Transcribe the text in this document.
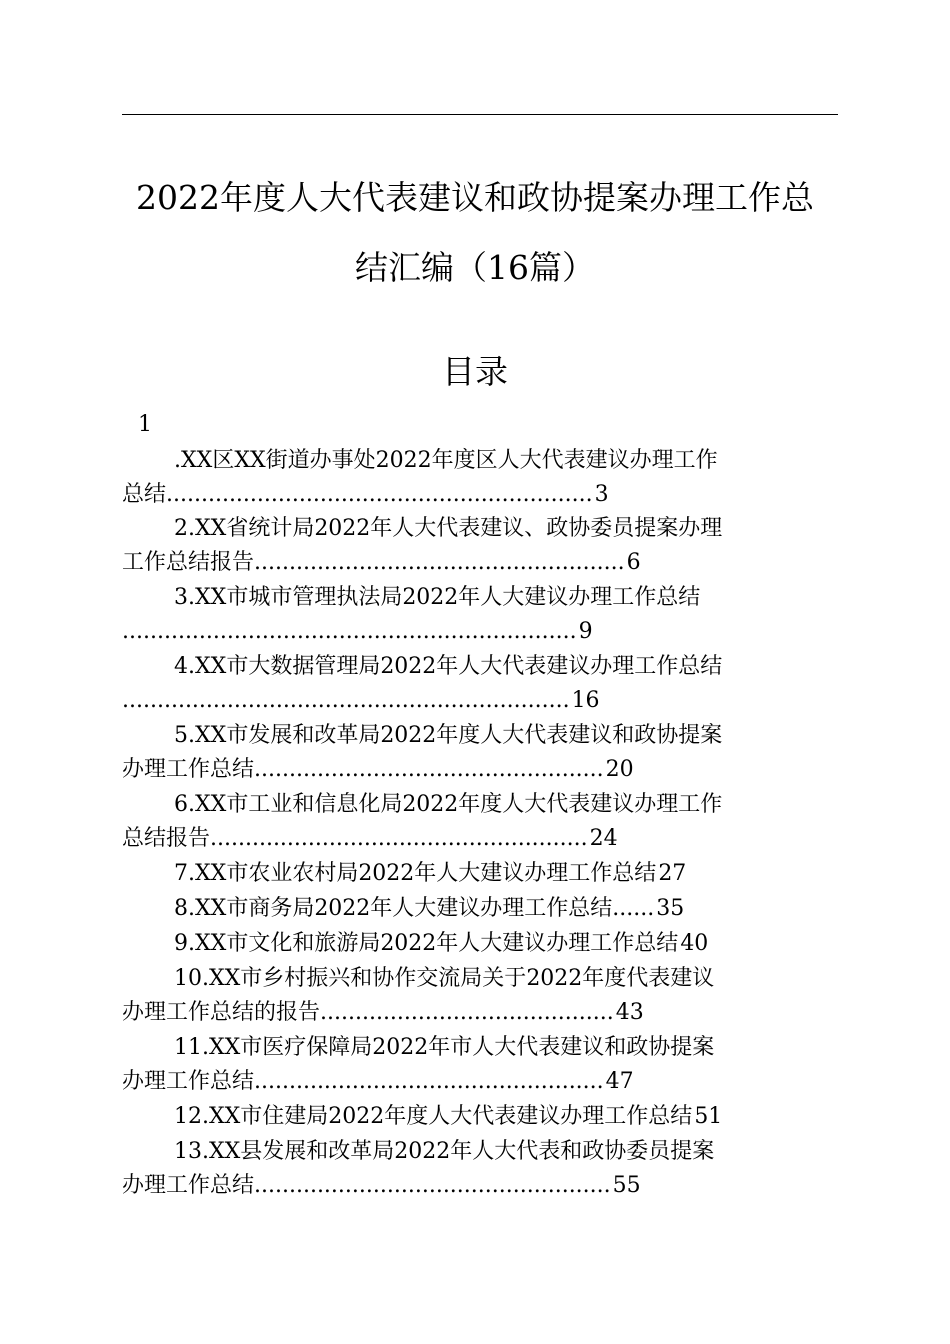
2022年度人大代表建议和政协提案办理工作总
结汇编（16篇）
目录
1
.XX区XX街道办事处2022年度区人大代表建议办理工作
总结.............................................................3
2.XX省统计局2022年人大代表建议、政协委员提案办理
工作总结报告.....................................................6
3.XX市城市管理执法局2022年人大建议办理工作总结
.................................................................9
4.XX市大数据管理局2022年人大代表建议办理工作总结
................................................................16
5.XX市发展和改革局2022年度人大代表建议和政协提案
办理工作总结..................................................20
6.XX市工业和信息化局2022年度人大代表建议办理工作
总结报告......................................................24
7.XX市农业农村局2022年人大建议办理工作总结27
8.XX市商务局2022年人大建议办理工作总结......35
9.XX市文化和旅游局2022年人大建议办理工作总结40
10.XX市乡村振兴和协作交流局关于2022年度代表建议
办理工作总结的报告..........................................43
11.XX市医疗保障局2022年市人大代表建议和政协提案
办理工作总结..................................................47
12.XX市住建局2022年度人大代表建议办理工作总结51
13.XX县发展和改革局2022年人大代表和政协委员提案
办理工作总结...................................................55
